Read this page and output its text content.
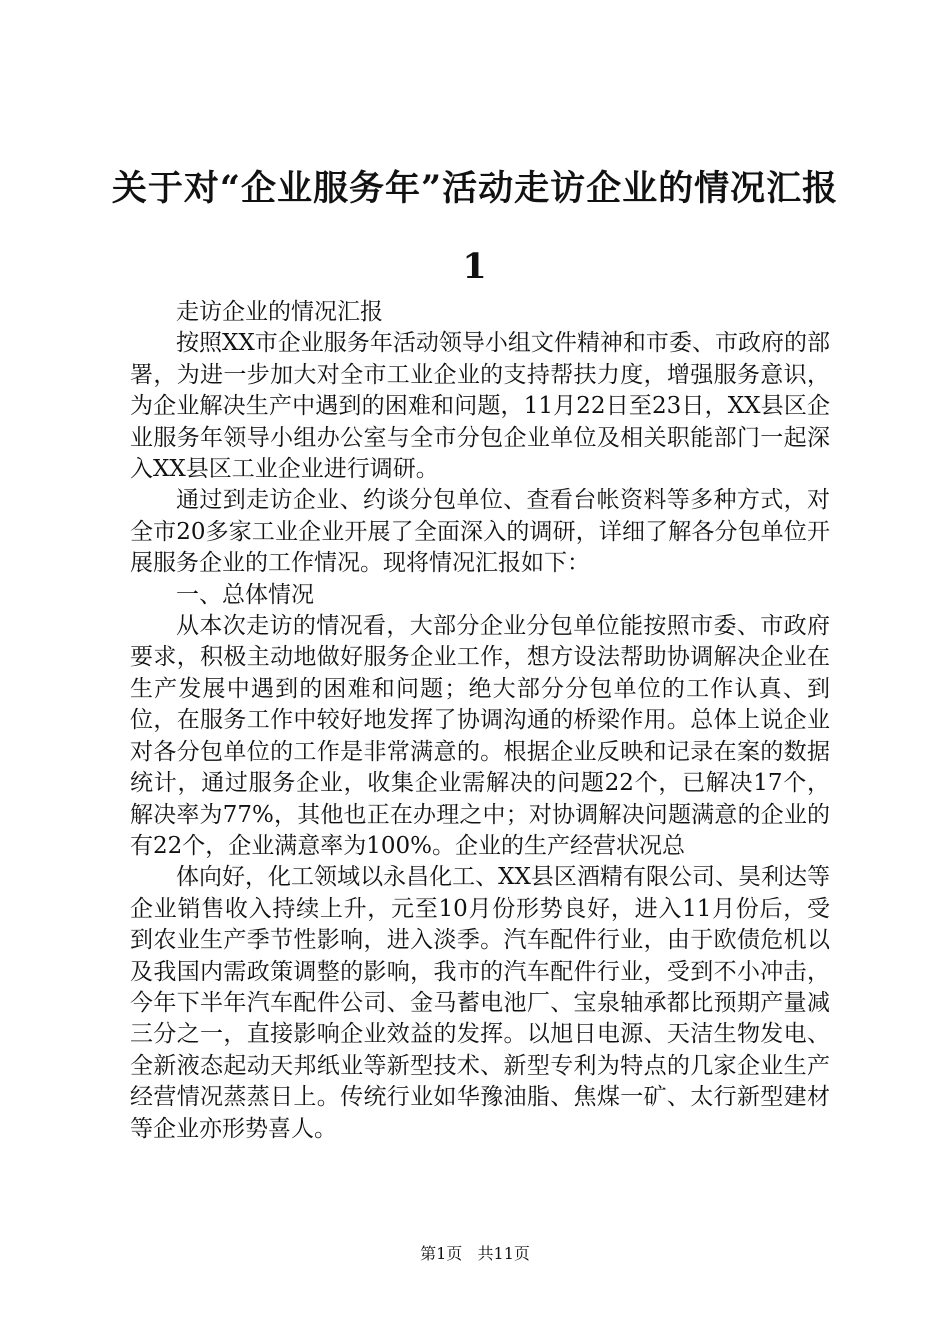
关于对“企业服务年”活动走访企业的情况汇报1

走访企业的情况汇报

按照XX市企业服务年活动领导小组文件精神和市委、市政府的部署，为进一步加大对全市工业企业的支持帮扶力度，增强服务意识，为企业解决生产中遇到的困难和问题，11月22日至23日，XX县区企业服务年领导小组办公室与全市分包企业单位及相关职能部门一起深入XX县区工业企业进行调研。

通过到走访企业、约谈分包单位、查看台帐资料等多种方式，对全市20多家工业企业开展了全面深入的调研，详细了解各分包单位开展服务企业的工作情况。现将情况汇报如下：

一、总体情况

从本次走访的情况看，大部分企业分包单位能按照市委、市政府要求，积极主动地做好服务企业工作，想方设法帮助协调解决企业在生产发展中遇到的困难和问题；绝大部分分包单位的工作认真、到位，在服务工作中较好地发挥了协调沟通的桥梁作用。总体上说企业对各分包单位的工作是非常满意的。根据企业反映和记录在案的数据统计，通过服务企业，收集企业需解决的问题22个，已解决17个，解决率为77%，其他也正在办理之中；对协调解决问题满意的企业的有22个，企业满意率为100%。企业的生产经营状况总

体向好，化工领域以永昌化工、XX县区酒精有限公司、昊利达等企业销售收入持续上升，元至10月份形势良好，进入11月份后，受到农业生产季节性影响，进入淡季。汽车配件行业，由于欧债危机以及我国内需政策调整的影响，我市的汽车配件行业，受到不小冲击，今年下半年汽车配件公司、金马蓄电池厂、宝泉轴承都比预期产量减三分之一，直接影响企业效益的发挥。以旭日电源、天洁生物发电、全新液态起动天邦纸业等新型技术、新型专利为特点的几家企业生产经营情况蒸蒸日上。传统行业如华豫油脂、焦煤一矿、太行新型建材等企业亦形势喜人。

第1页 共11页
